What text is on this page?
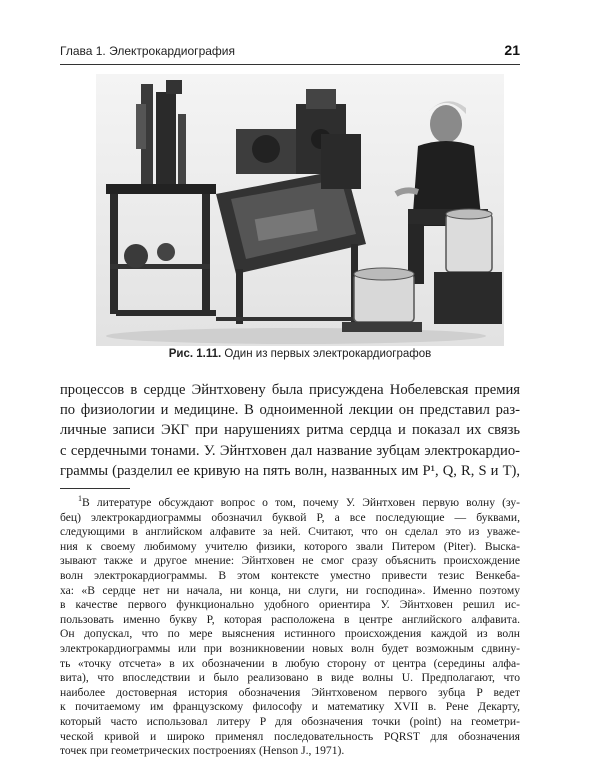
Глава 1. Электрокардиография	21
Рис. 1.11. Один из первых электрокардиографов
процессов в сердце Эйнтховену была присуждена Нобелевская премия
по физиологии и медицине. В одноименной лекции он представил раз-
личные записи ЭКГ при нарушениях ритма сердца и показал их связь
с сердечными тонами. У. Эйнтховен дал название зубцам электрокардио-
граммы (разделил ее кривую на пять волн, названных им P¹, Q, R, S и T),
$^1$В литературе обсуждают вопрос о том, почему У. Эйнтховен первую волну (зу-
бец) электрокардиограммы обозначил буквой P, а все последующие — буквами,
следующими в английском алфавите за ней. Считают, что он сделал это из уваже-
ния к своему любимому учителю физики, которого звали Питером (Piter). Выска-
зывают также и другое мнение: Эйнтховен не смог сразу объяснить происхождение
волн электрокардиограммы. В этом контексте уместно привести тезис Венкеба-
ха: «В сердце нет ни начала, ни конца, ни слуги, ни господина». Именно поэтому
в качестве первого функционально удобного ориентира У. Эйнтховен решил ис-
пользовать именно букву P, которая расположена в центре английского алфавита.
Он допускал, что по мере выяснения истинного происхождения каждой из волн
электрокардиограммы или при возникновении новых волн будет возможным сдвину-
ть «точку отсчета» в их обозначении в любую сторону от центра (середины алфа-
вита), что впоследствии и было реализовано в виде волны U. Предполагают, что
наиболее достоверная история обозначения Эйнтховеном первого зубца P ведет
к почитаемому им французскому философу и математику XVII в. Рене Декарту,
который часто использовал литеру P для обозначения точки (point) на геометри-
ческой кривой и широко применял последовательность PQRST для обозначения
точек при геометрических построениях (Henson J., 1971).
